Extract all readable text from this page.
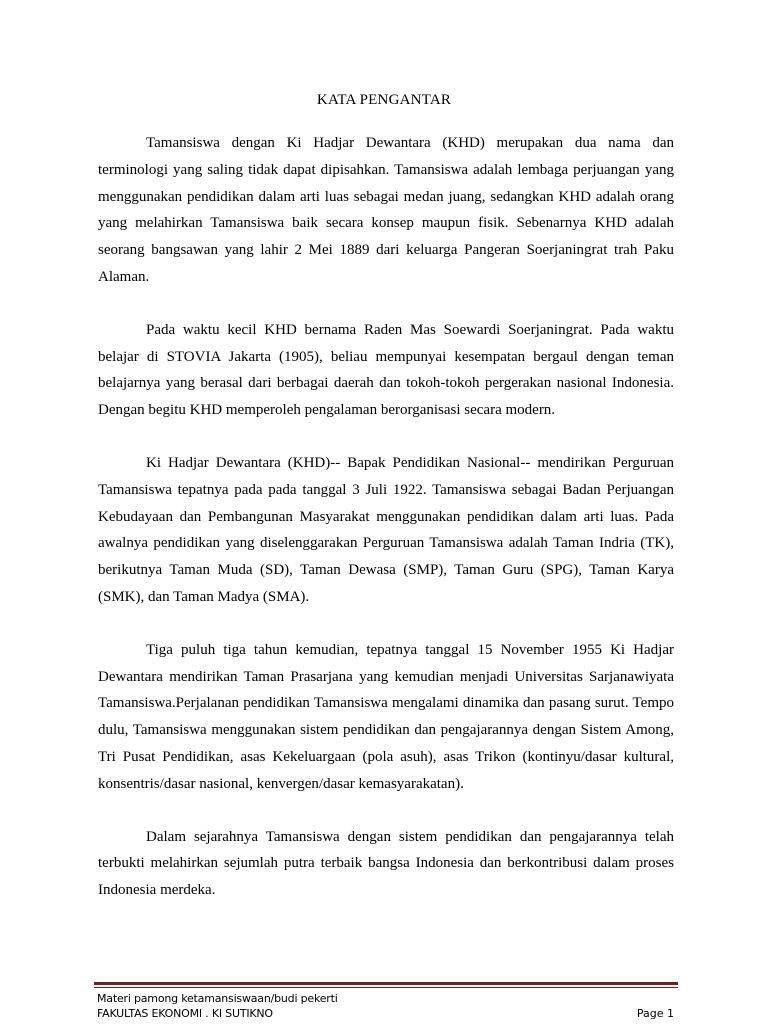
KATA PENGANTAR

Tamansiswa dengan Ki Hadjar Dewantara (KHD) merupakan dua nama dan terminologi yang saling tidak dapat dipisahkan. Tamansiswa adalah lembaga perjuangan yang menggunakan pendidikan dalam arti luas sebagai medan juang, sedangkan KHD adalah orang yang melahirkan Tamansiswa baik secara konsep maupun fisik. Sebenarnya KHD adalah seorang bangsawan yang lahir 2 Mei 1889 dari keluarga Pangeran Soerjaningrat trah Paku Alaman.

Pada waktu kecil KHD bernama Raden Mas Soewardi Soerjaningrat. Pada waktu belajar di STOVIA Jakarta (1905), beliau mempunyai kesempatan bergaul dengan teman belajarnya yang berasal dari berbagai daerah dan tokoh-tokoh pergerakan nasional Indonesia. Dengan begitu KHD memperoleh pengalaman berorganisasi secara modern.

Ki Hadjar Dewantara (KHD)-- Bapak Pendidikan Nasional-- mendirikan Perguruan Tamansiswa tepatnya pada pada tanggal 3 Juli 1922. Tamansiswa sebagai Badan Perjuangan Kebudayaan dan Pembangunan Masyarakat menggunakan pendidikan dalam arti luas. Pada awalnya pendidikan yang diselenggarakan Perguruan Tamansiswa adalah Taman Indria (TK), berikutnya Taman Muda (SD), Taman Dewasa (SMP), Taman Guru (SPG), Taman Karya (SMK), dan Taman Madya (SMA).

Tiga puluh tiga tahun kemudian, tepatnya tanggal 15 November 1955 Ki Hadjar Dewantara mendirikan Taman Prasarjana yang kemudian menjadi Universitas Sarjanawiyata Tamansiswa.Perjalanan pendidikan Tamansiswa mengalami dinamika dan pasang surut. Tempo dulu, Tamansiswa menggunakan sistem pendidikan dan pengajarannya dengan Sistem Among, Tri Pusat Pendidikan, asas Kekeluargaan (pola asuh), asas Trikon (kontinyu/dasar kultural, konsentris/dasar nasional, kenvergen/dasar kemasyarakatan).

Dalam sejarahnya Tamansiswa dengan sistem pendidikan dan pengajarannya telah terbukti melahirkan sejumlah putra terbaik bangsa Indonesia dan berkontribusi dalam proses Indonesia merdeka.

Materi pamong ketamansiswaan/budi pekerti
FAKULTAS EKONOMI . KI SUTIKNO	Page 1
